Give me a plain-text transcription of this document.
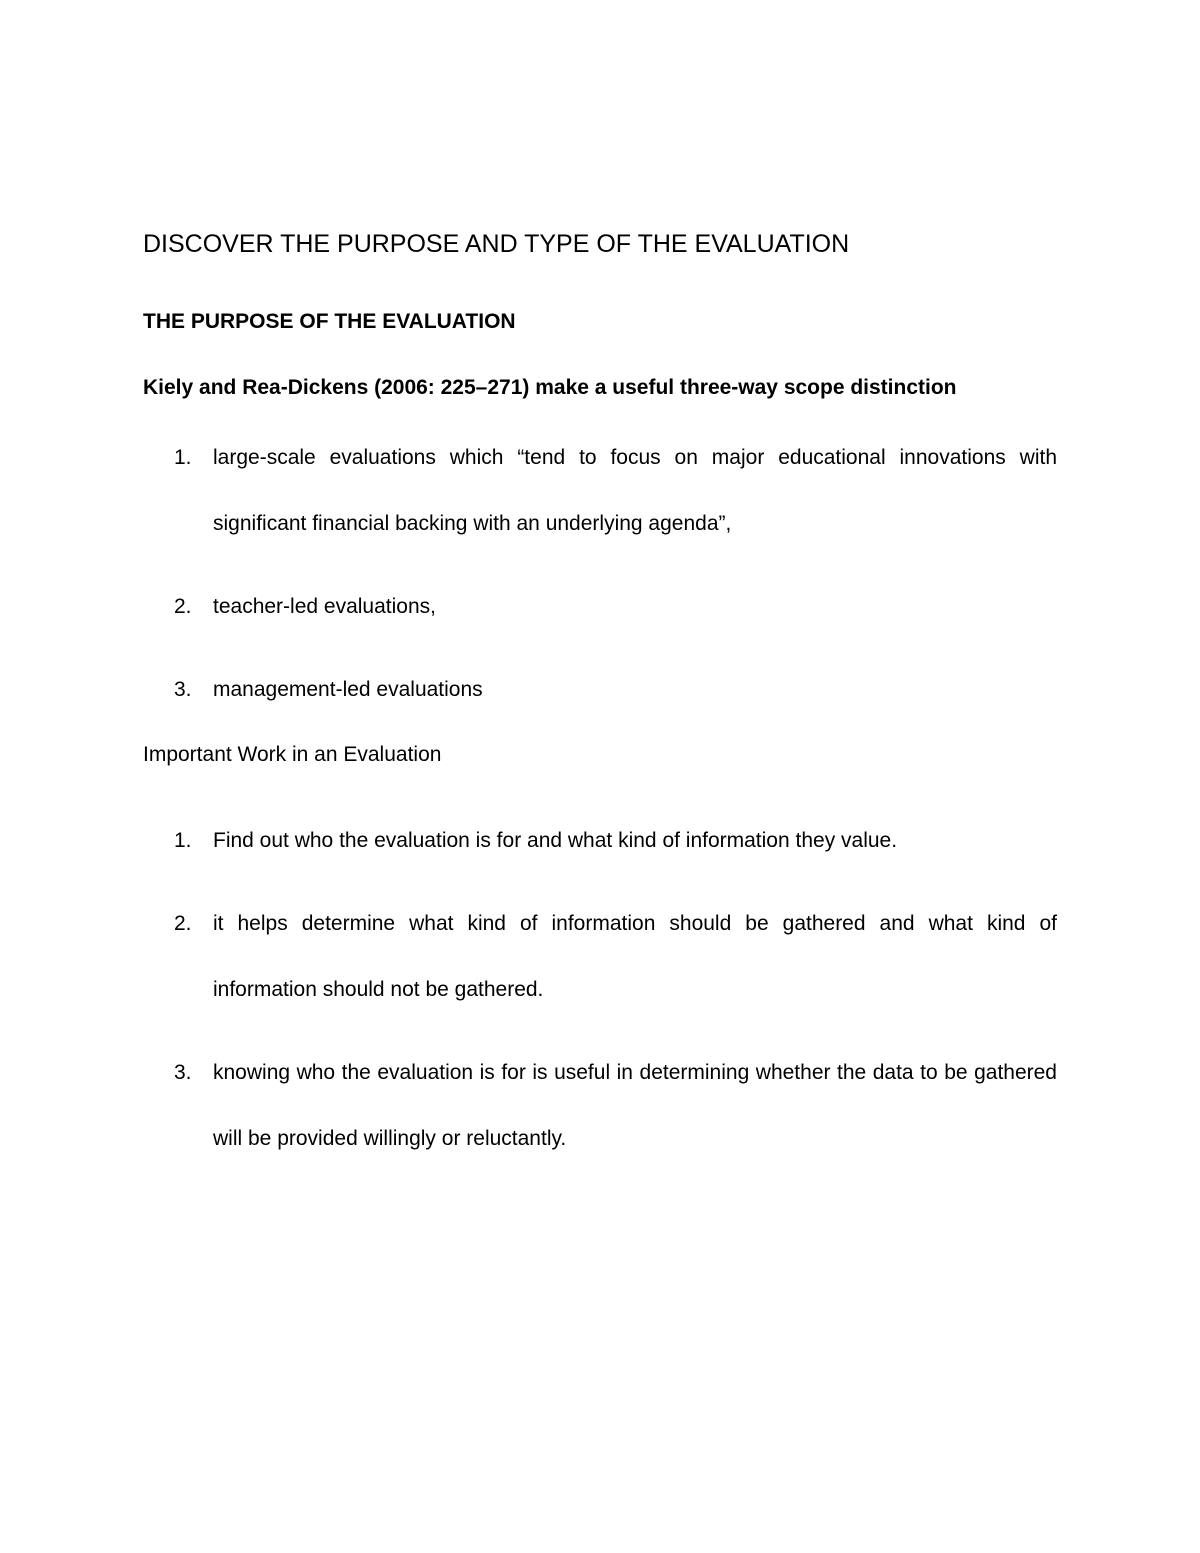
DISCOVER THE PURPOSE AND TYPE OF THE EVALUATION
THE PURPOSE OF THE EVALUATION
Kiely and Rea-Dickens (2006: 225–271) make a useful three-way scope distinction
1. large-scale evaluations which “tend to focus on major educational innovations with significant financial backing with an underlying agenda”,
2. teacher-led evaluations,
3. management-led evaluations
Important Work in an Evaluation
1. Find out who the evaluation is for and what kind of information they value.
2. it helps determine what kind of information should be gathered and what kind of information should not be gathered.
3. knowing who the evaluation is for is useful in determining whether the data to be gathered will be provided willingly or reluctantly.
